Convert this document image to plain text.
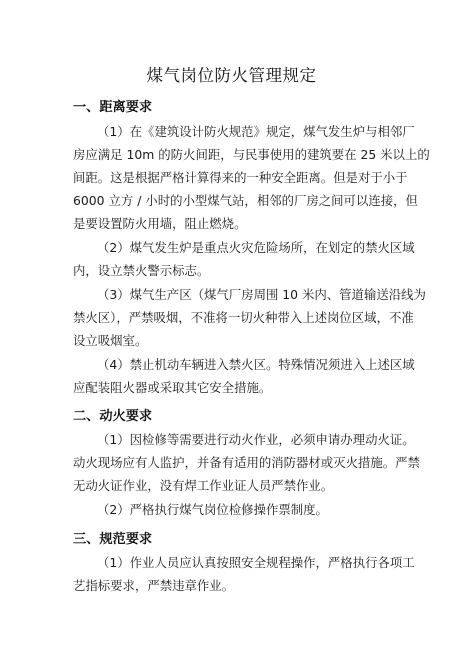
煤气岗位防火管理规定
一、距离要求
（1）在《建筑设计防火规范》规定，煤气发生炉与相邻厂
房应满足 10m 的防火间距，与民事使用的建筑要在 25 米以上的
间距。这是根据严格计算得来的一种安全距离。但是对于小于
6000 立方 / 小时的小型煤气站，相邻的厂房之间可以连接，但
是要设置防火用墙，阻止燃烧。
（2）煤气发生炉是重点火灾危险场所，在划定的禁火区域
内，设立禁火警示标志。
（3）煤气生产区（煤气厂房周围 10 米内、管道输送沿线为
禁火区），严禁吸烟，不准将一切火种带入上述岗位区域，不准
设立吸烟室。
（4）禁止机动车辆进入禁火区。特殊情况须进入上述区域
应配装阻火器或采取其它安全措施。
二、动火要求
（1）因检修等需要进行动火作业，必须申请办理动火证。
动火现场应有人监护，并备有适用的消防器材或灭火措施。严禁
无动火证作业，没有焊工作业证人员严禁作业。
（2）严格执行煤气岗位检修操作票制度。
三、规范要求
（1）作业人员应认真按照安全规程操作，严格执行各项工
艺指标要求，严禁违章作业。
